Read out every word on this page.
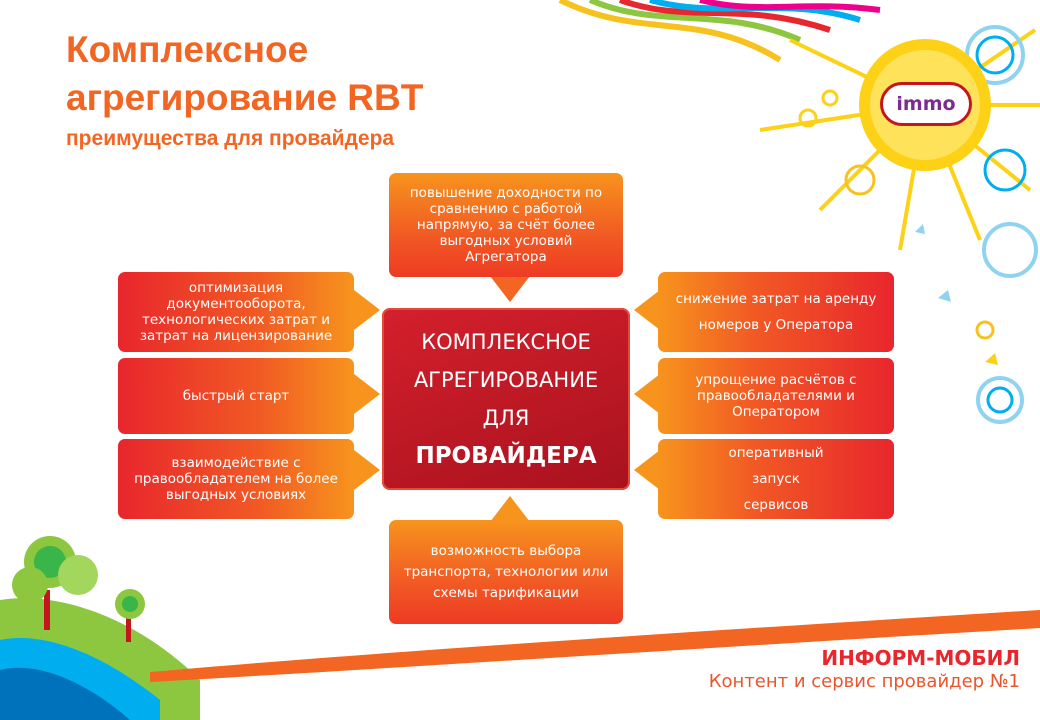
immo
Комплексное
агрегирование RBT
преимущества для провайдера
повышение доходности по сравнению с работой напрямую, за счёт более выгодных условий Агрегатора
оптимизация документооборота, технологических затрат и затрат на лицензирование
быстрый старт
взаимодействие с правообладателем на более выгодных условиях
снижение затрат на аренду номеров у Оператора
упрощение расчётов с правообладателями и Оператором
оперативный запуск сервисов
возможность выбора транспорта, технологии или схемы тарификации
КОМПЛЕКСНОЕ
АГРЕГИРОВАНИЕ
ДЛЯ
ПРОВАЙДЕРА
ИНФОРМ-МОБИЛ
Контент и сервис провайдер №1
